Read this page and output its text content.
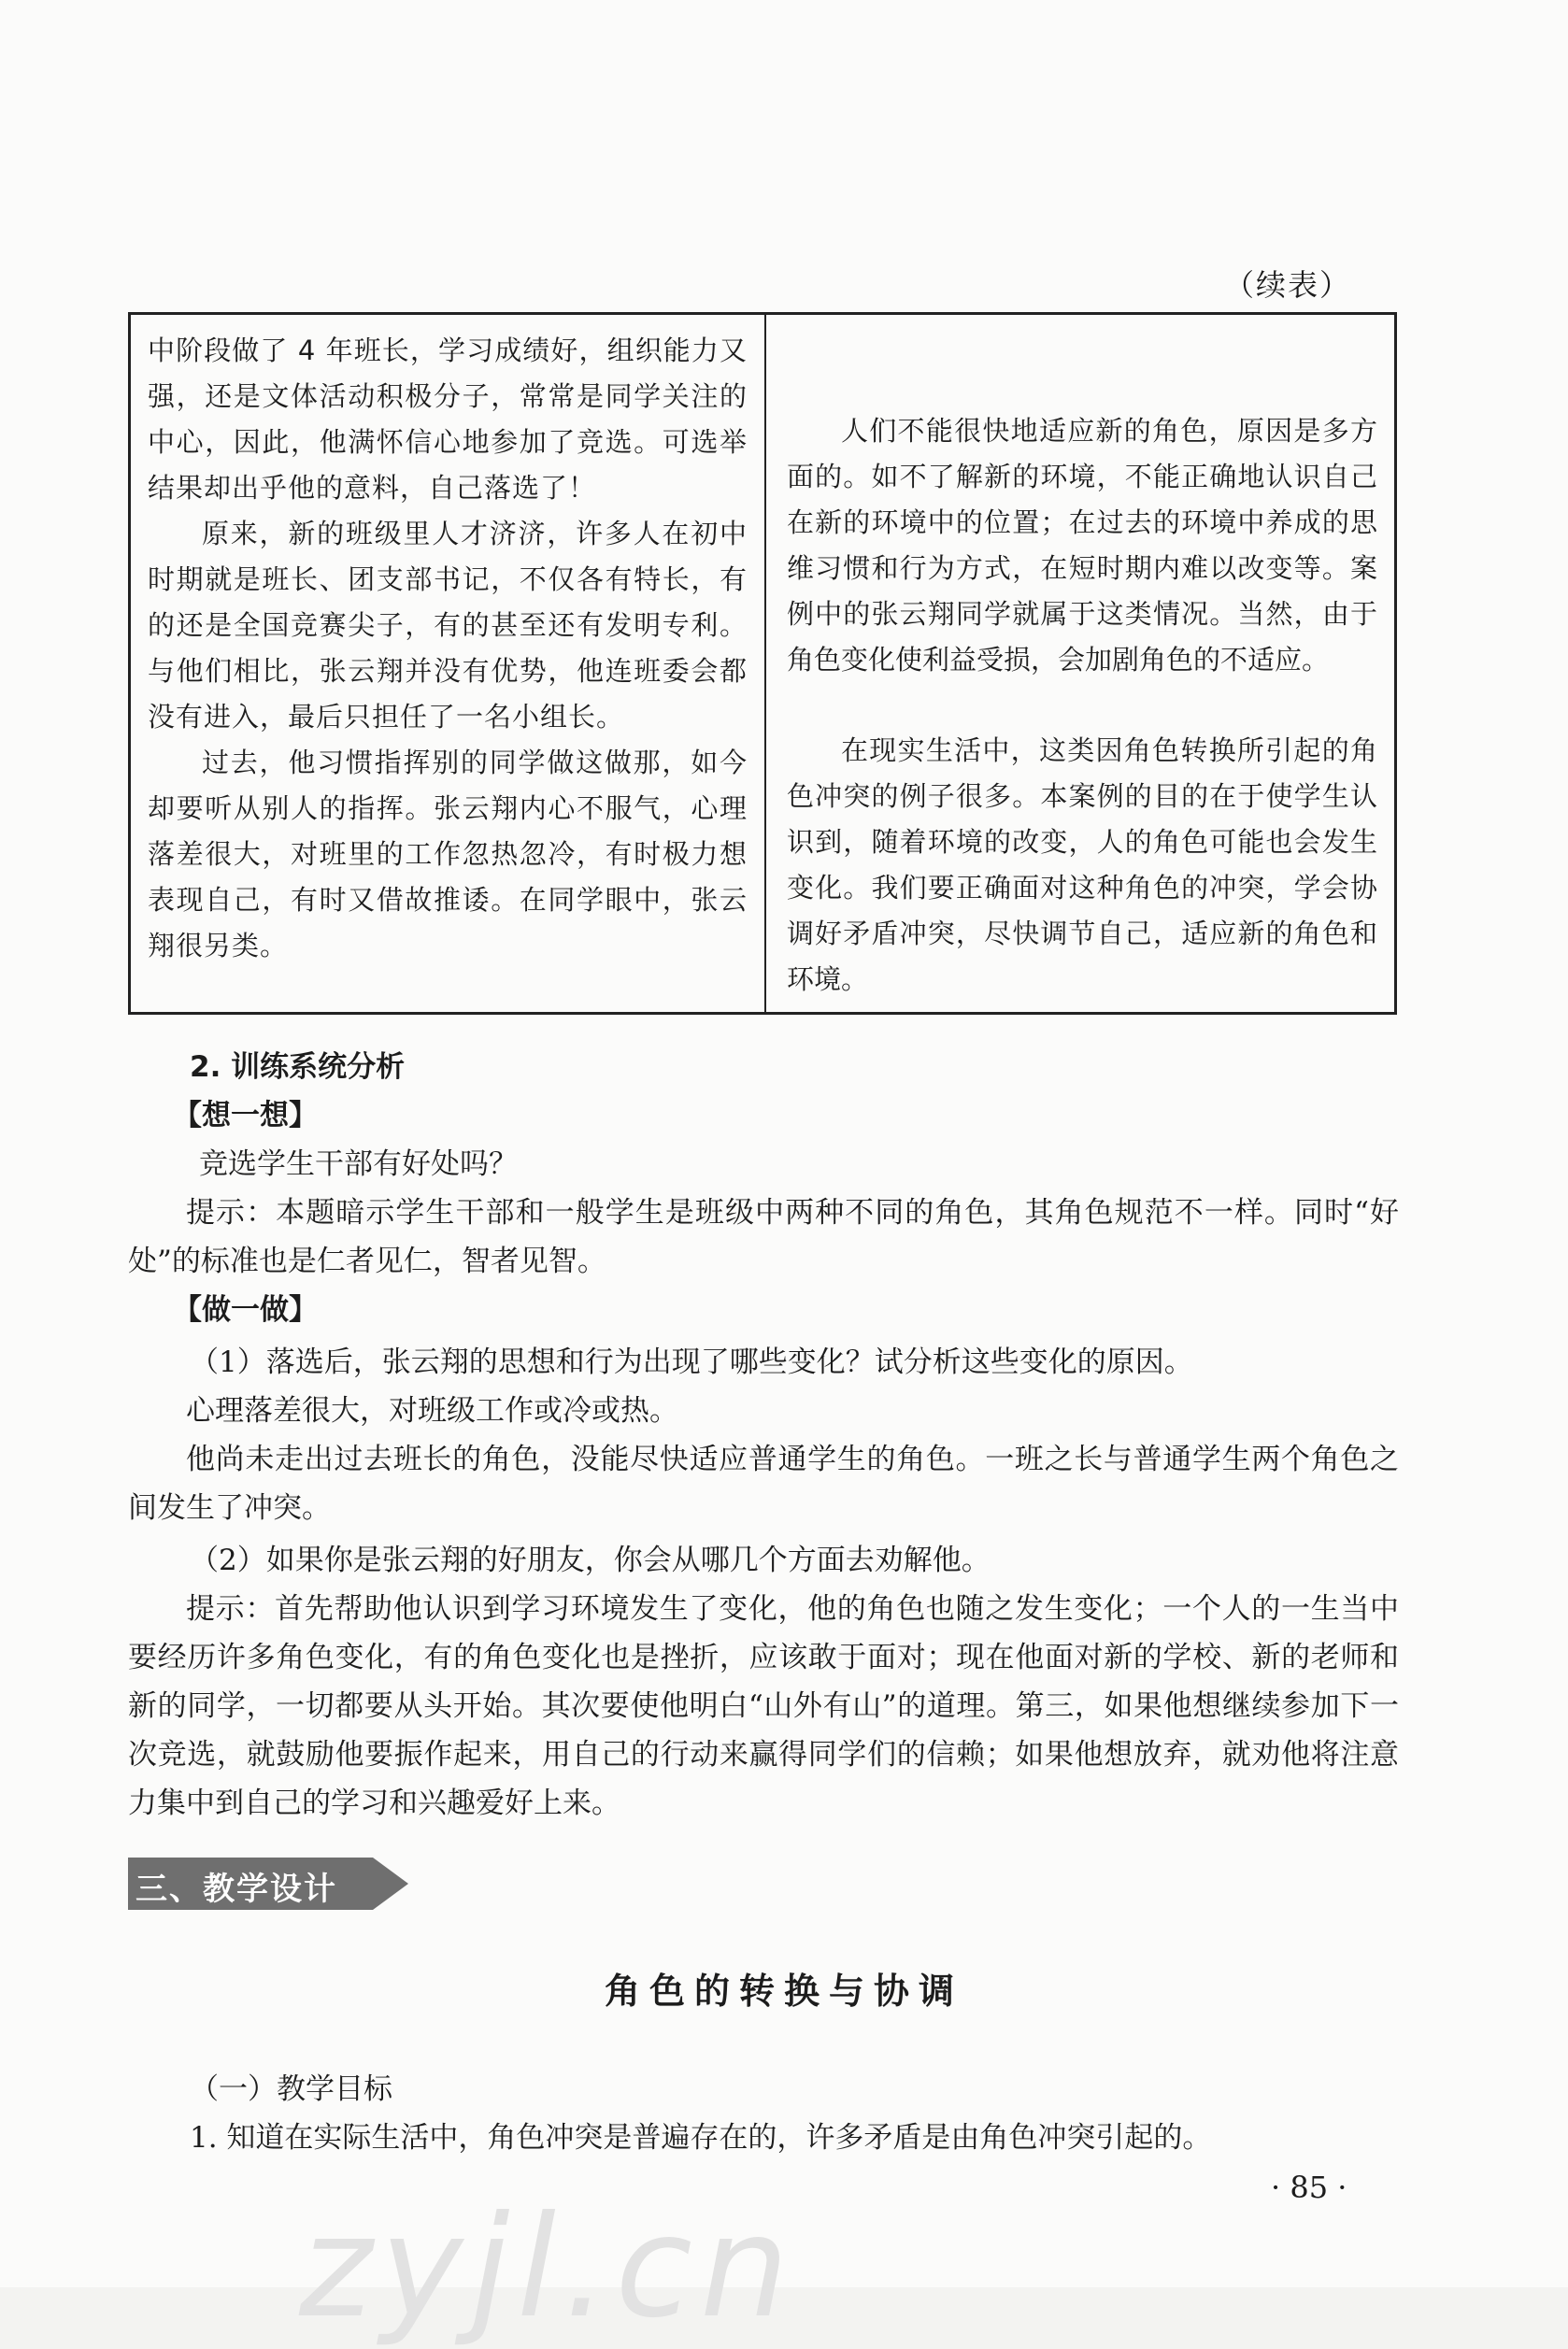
（续表）

中阶段做了 4 年班长，学习成绩好，组织能力又强，还是文体活动积极分子，常常是同学关注的中心，因此，他满怀信心地参加了竞选。可选举结果却出乎他的意料，自己落选了！

原来，新的班级里人才济济，许多人在初中时期就是班长、团支部书记，不仅各有特长，有的还是全国竞赛尖子，有的甚至还有发明专利。与他们相比，张云翔并没有优势，他连班委会都没有进入，最后只担任了一名小组长。

过去，他习惯指挥别的同学做这做那，如今却要听从别人的指挥。张云翔内心不服气，心理落差很大，对班里的工作忽热忽冷，有时极力想表现自己，有时又借故推诿。在同学眼中，张云翔很另类。

人们不能很快地适应新的角色，原因是多方面的。如不了解新的环境，不能正确地认识自己在新的环境中的位置；在过去的环境中养成的思维习惯和行为方式，在短时期内难以改变等。案例中的张云翔同学就属于这类情况。当然，由于角色变化使利益受损，会加剧角色的不适应。

在现实生活中，这类因角色转换所引起的角色冲突的例子很多。本案例的目的在于使学生认识到，随着环境的改变，人的角色可能也会发生变化。我们要正确面对这种角色的冲突，学会协调好矛盾冲突，尽快调节自己，适应新的角色和环境。

2. 训练系统分析

【想一想】

竞选学生干部有好处吗？

提示：本题暗示学生干部和一般学生是班级中两种不同的角色，其角色规范不一样。同时“好处”的标准也是仁者见仁，智者见智。

【做一做】

（1）落选后，张云翔的思想和行为出现了哪些变化？试分析这些变化的原因。

心理落差很大，对班级工作或冷或热。

他尚未走出过去班长的角色，没能尽快适应普通学生的角色。一班之长与普通学生两个角色之间发生了冲突。

（2）如果你是张云翔的好朋友，你会从哪几个方面去劝解他。

提示：首先帮助他认识到学习环境发生了变化，他的角色也随之发生变化；一个人的一生当中要经历许多角色变化，有的角色变化也是挫折，应该敢于面对；现在他面对新的学校、新的老师和新的同学，一切都要从头开始。其次要使他明白“山外有山”的道理。第三，如果他想继续参加下一次竞选，就鼓励他要振作起来，用自己的行动来赢得同学们的信赖；如果他想放弃，就劝他将注意力集中到自己的学习和兴趣爱好上来。

三、教学设计
角色的转换与协调

（一）教学目标

1. 知道在实际生活中，角色冲突是普遍存在的，许多矛盾是由角色冲突引起的。

· 85 ·
zyjl.cn
